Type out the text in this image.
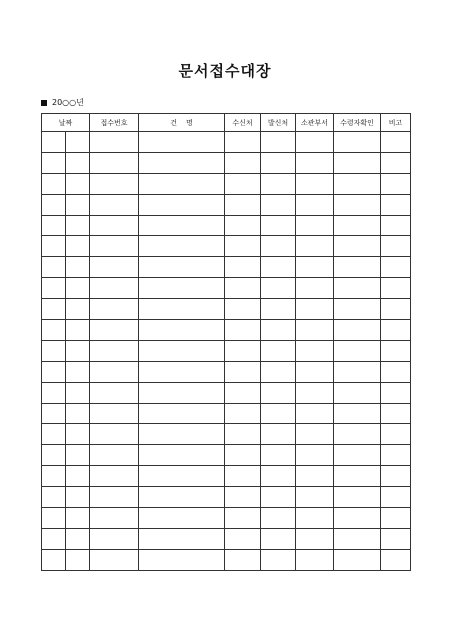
문서접수대장
20○○년
날짜		접수번호	건    명	수신처	발신처	소관부서	수령자확인	비고
